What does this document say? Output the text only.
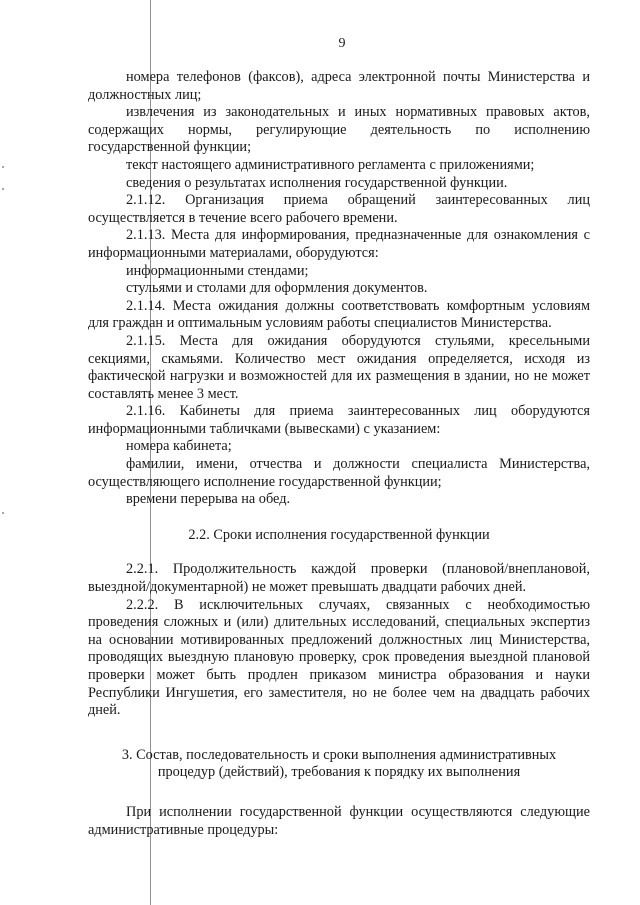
9

номера телефонов (факсов), адреса электронной почты Министерства и должностных лиц;

извлечения из законодательных и иных нормативных правовых актов, содержащих нормы, регулирующие деятельность по исполнению государственной функции;

текст настоящего административного регламента с приложениями;

сведения о результатах исполнения государственной функции.

2.1.12. Организация приема обращений заинтересованных лиц осуществляется в течение всего рабочего времени.

2.1.13. Места для информирования, предназначенные для ознакомления с информационными материалами, оборудуются:

информационными стендами;

стульями и столами для оформления документов.

2.1.14. Места ожидания должны соответствовать комфортным условиям для граждан и оптимальным условиям работы специалистов Министерства.

2.1.15. Места для ожидания оборудуются стульями, кресельными секциями, скамьями. Количество мест ожидания определяется, исходя из фактической нагрузки и возможностей для их размещения в здании, но не может составлять менее 3 мест.

2.1.16. Кабинеты для приема заинтересованных лиц оборудуются информационными табличками (вывесками) с указанием:

номера кабинета;

фамилии, имени, отчества и должности специалиста Министерства, осуществляющего исполнение государственной функции;

времени перерыва на обед.

2.2. Сроки исполнения государственной функции

2.2.1. Продолжительность каждой проверки (плановой/внеплановой, выездной/документарной) не может превышать двадцати рабочих дней.

2.2.2. В исключительных случаях, связанных с необходимостью проведения сложных и (или) длительных исследований, специальных экспертиз на основании мотивированных предложений должностных лиц Министерства, проводящих выездную плановую проверку, срок проведения выездной плановой проверки может быть продлен приказом министра образования и науки Республики Ингушетия, его заместителя, но не более чем на двадцать рабочих дней.

3. Состав, последовательность и сроки выполнения административных
процедур (действий), требования к порядку их выполнения

При исполнении государственной функции осуществляются следующие административные процедуры:
